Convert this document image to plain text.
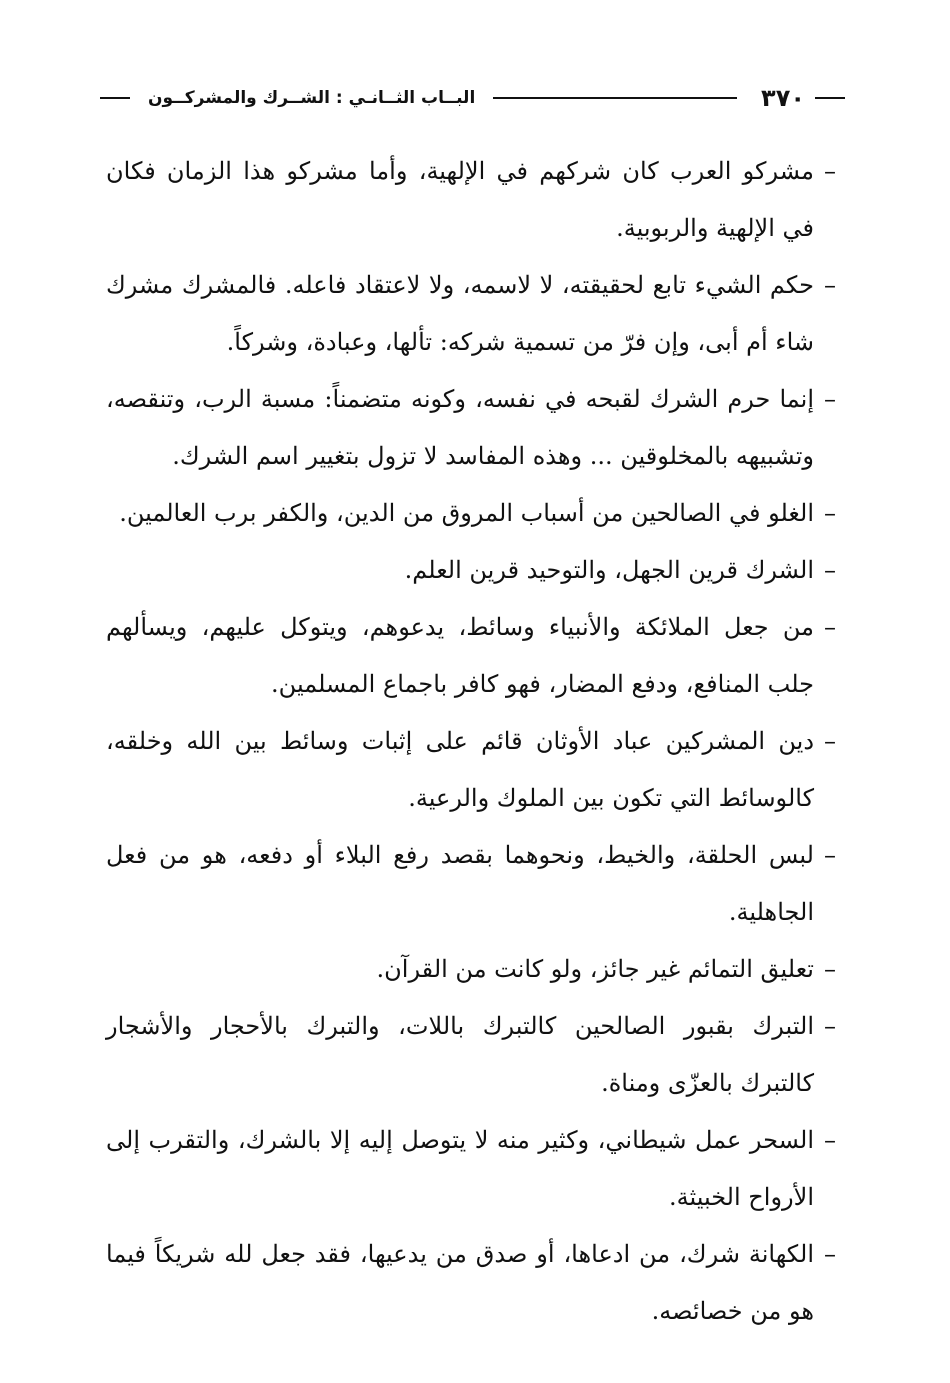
٣٧٠
البــاب الثــانـي : الشــرك والمشركــون
–
مشركو العرب كان شركهم في الإلهية، وأما مشركو هذا الزمان فكان في الإلهية والربوبية.
–
حكم الشيء تابع لحقيقته، لا لاسمه، ولا لاعتقاد فاعله. فالمشرك مشرك شاء أم أبى، وإن فرّ من تسمية شركه: تألها، وعبادة، وشركاً.
–
إنما حرم الشرك لقبحه في نفسه، وكونه متضمناً: مسبة الرب، وتنقصه، وتشبيهه بالمخلوقين ... وهذه المفاسد لا تزول بتغيير اسم الشرك.
–
الغلو في الصالحين من أسباب المروق من الدين، والكفر برب العالمين.
–
الشرك قرين الجهل، والتوحيد قرين العلم.
–
من جعل الملائكة والأنبياء وسائط، يدعوهم، ويتوكل عليهم، ويسألهم جلب المنافع، ودفع المضار، فهو كافر باجماع المسلمين.
–
دين المشركين عباد الأوثان قائم على إثبات وسائط بين الله وخلقه، كالوسائط التي تكون بين الملوك والرعية.
–
لبس الحلقة، والخيط، ونحوهما بقصد رفع البلاء أو دفعه، هو من فعل الجاهلية.
–
تعليق التمائم غير جائز، ولو كانت من القرآن.
–
التبرك بقبور الصالحين كالتبرك باللات، والتبرك بالأحجار والأشجار كالتبرك بالعزّى ومناة.
–
السحر عمل شيطاني، وكثير منه لا يتوصل إليه إلا بالشرك، والتقرب إلى الأرواح الخبيثة.
–
الكهانة شرك، من ادعاها، أو صدق من يدعيها، فقد جعل لله شريكاً فيما هو من خصائصه.
